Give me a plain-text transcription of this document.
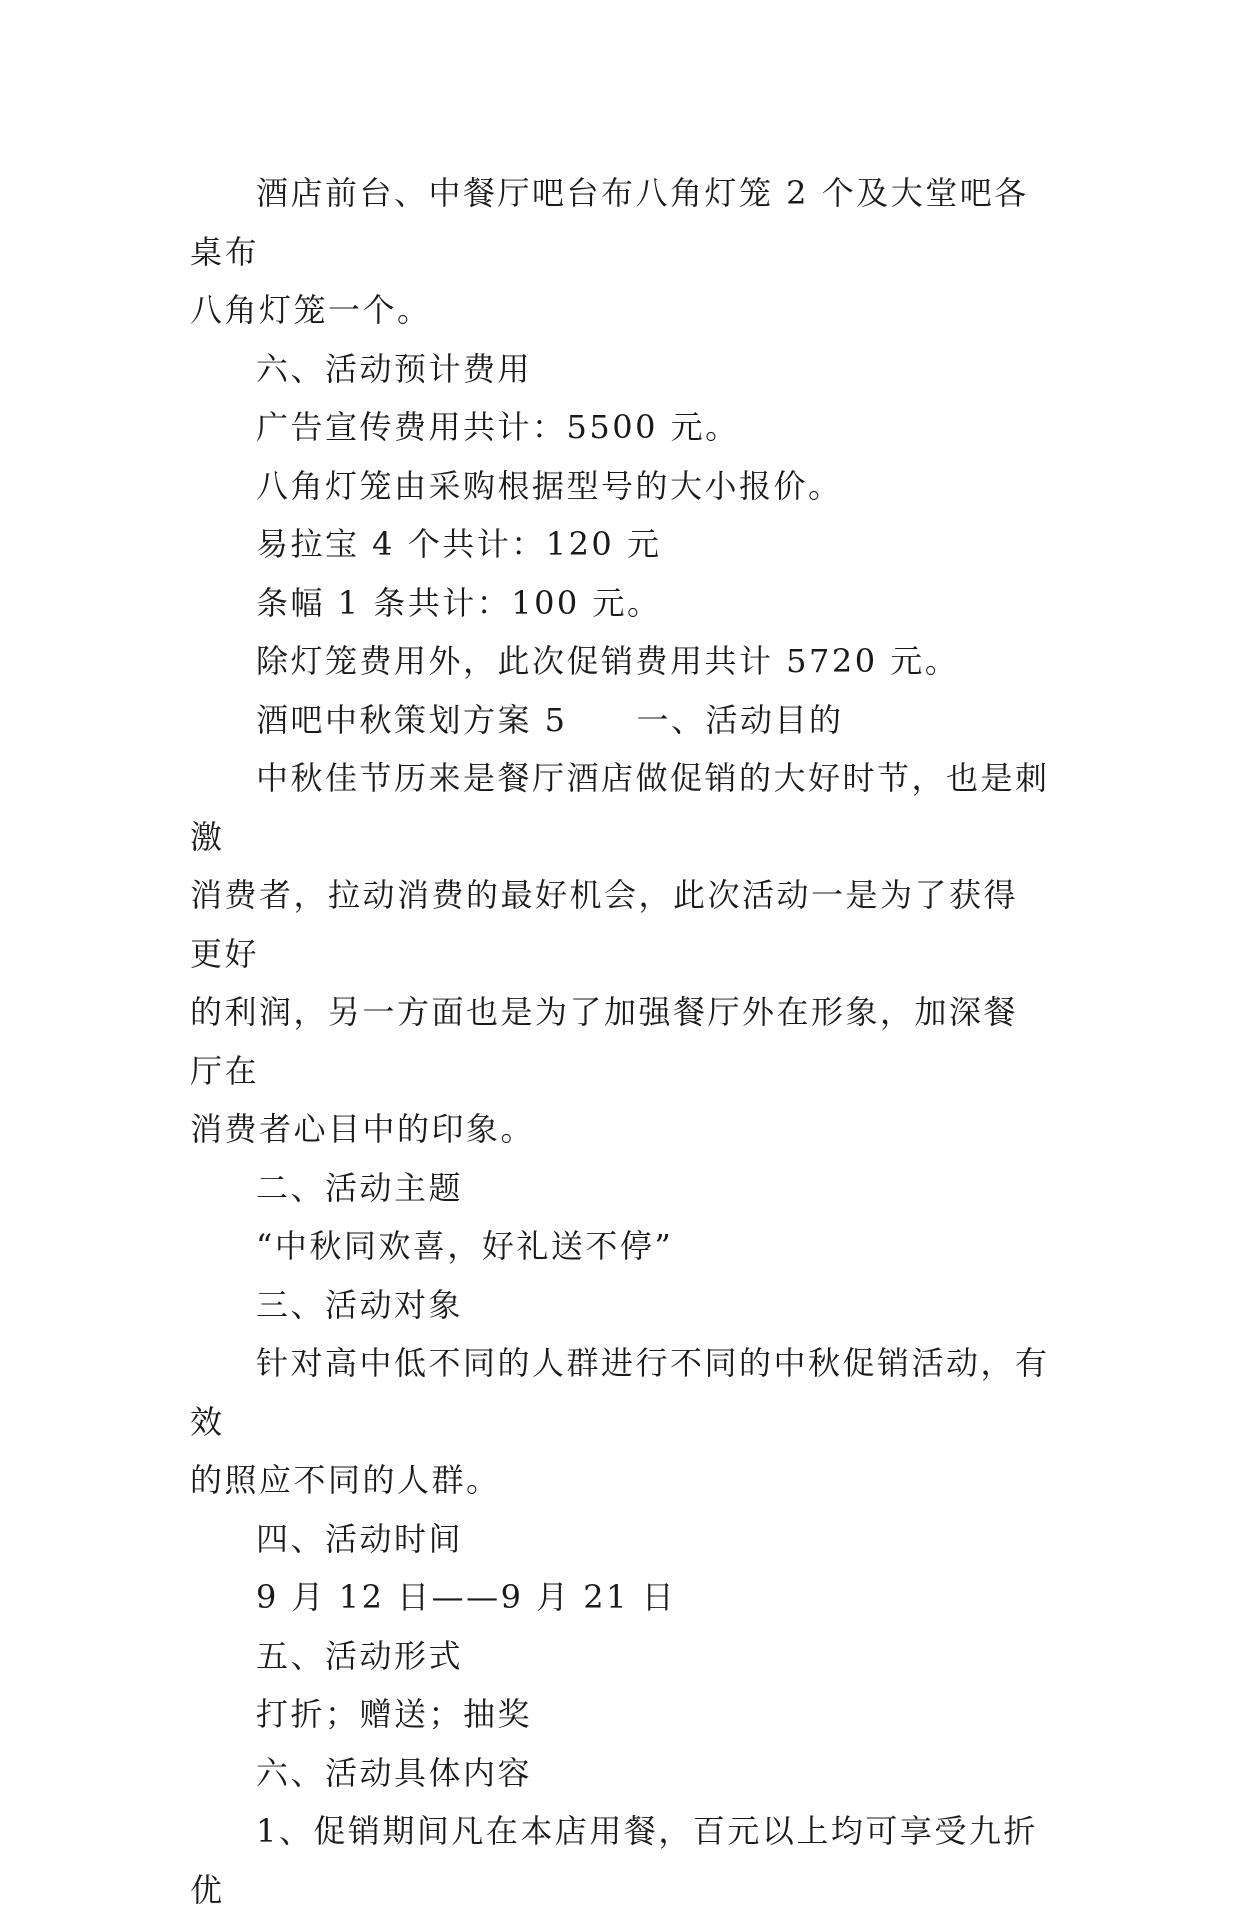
酒店前台、中餐厅吧台布八角灯笼 2 个及大堂吧各桌布
八角灯笼一个。
六、活动预计费用
广告宣传费用共计：5500 元。
八角灯笼由采购根据型号的大小报价。
易拉宝 4 个共计：120 元
条幅 1 条共计：100 元。
除灯笼费用外，此次促销费用共计 5720 元。
酒吧中秋策划方案 5　　一、活动目的
中秋佳节历来是餐厅酒店做促销的大好时节，也是刺激
消费者，拉动消费的最好机会，此次活动一是为了获得更好
的利润，另一方面也是为了加强餐厅外在形象，加深餐厅在
消费者心目中的印象。
二、活动主题
“中秋同欢喜，好礼送不停”
三、活动对象
针对高中低不同的人群进行不同的中秋促销活动，有效
的照应不同的人群。
四、活动时间
9 月 12 日——9 月 21 日
五、活动形式
打折；赠送；抽奖
六、活动具体内容
1、促销期间凡在本店用餐，百元以上均可享受九折优
